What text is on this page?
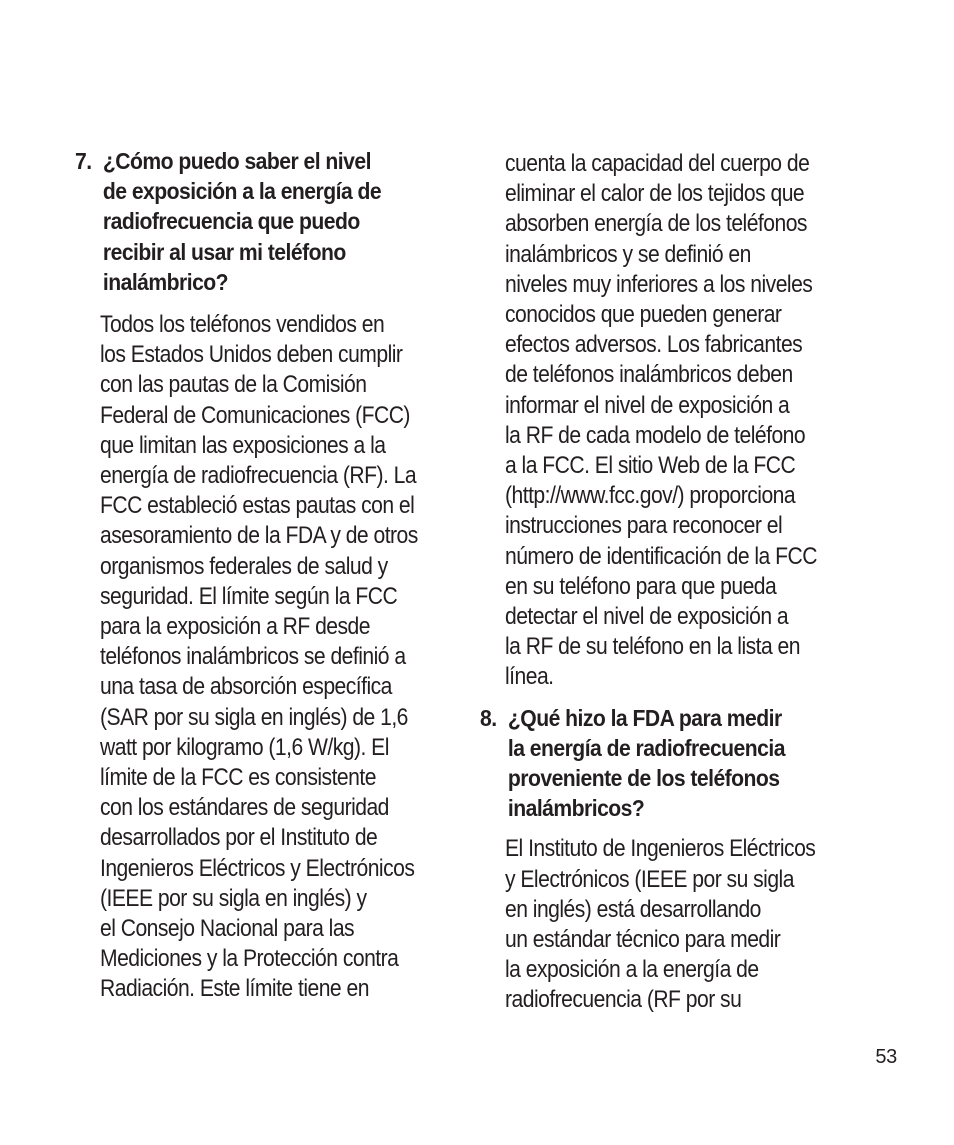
7. ¿Cómo puedo saber el nivel
de exposición a la energía de
radiofrecuencia que puedo
recibir al usar mi teléfono
inalámbrico?

Todos los teléfonos vendidos en
los Estados Unidos deben cumplir
con las pautas de la Comisión
Federal de Comunicaciones (FCC)
que limitan las exposiciones a la
energía de radiofrecuencia (RF). La
FCC estableció estas pautas con el
asesoramiento de la FDA y de otros
organismos federales de salud y
seguridad. El límite según la FCC
para la exposición a RF desde
teléfonos inalámbricos se definió a
una tasa de absorción específica
(SAR por su sigla en inglés) de 1,6
watt por kilogramo (1,6 W/kg). El
límite de la FCC es consistente
con los estándares de seguridad
desarrollados por el Instituto de
Ingenieros Eléctricos y Electrónicos
(IEEE por su sigla en inglés) y
el Consejo Nacional para las
Mediciones y la Protección contra
Radiación. Este límite tiene en

cuenta la capacidad del cuerpo de
eliminar el calor de los tejidos que
absorben energía de los teléfonos
inalámbricos y se definió en
niveles muy inferiores a los niveles
conocidos que pueden generar
efectos adversos. Los fabricantes
de teléfonos inalámbricos deben
informar el nivel de exposición a
la RF de cada modelo de teléfono
a la FCC. El sitio Web de la FCC
(http://www.fcc.gov/) proporciona
instrucciones para reconocer el
número de identificación de la FCC
en su teléfono para que pueda
detectar el nivel de exposición a
la RF de su teléfono en la lista en
línea.

8. ¿Qué hizo la FDA para medir
la energía de radiofrecuencia
proveniente de los teléfonos
inalámbricos?

El Instituto de Ingenieros Eléctricos
y Electrónicos (IEEE por su sigla
en inglés) está desarrollando
un estándar técnico para medir
la exposición a la energía de
radiofrecuencia (RF por su

53
